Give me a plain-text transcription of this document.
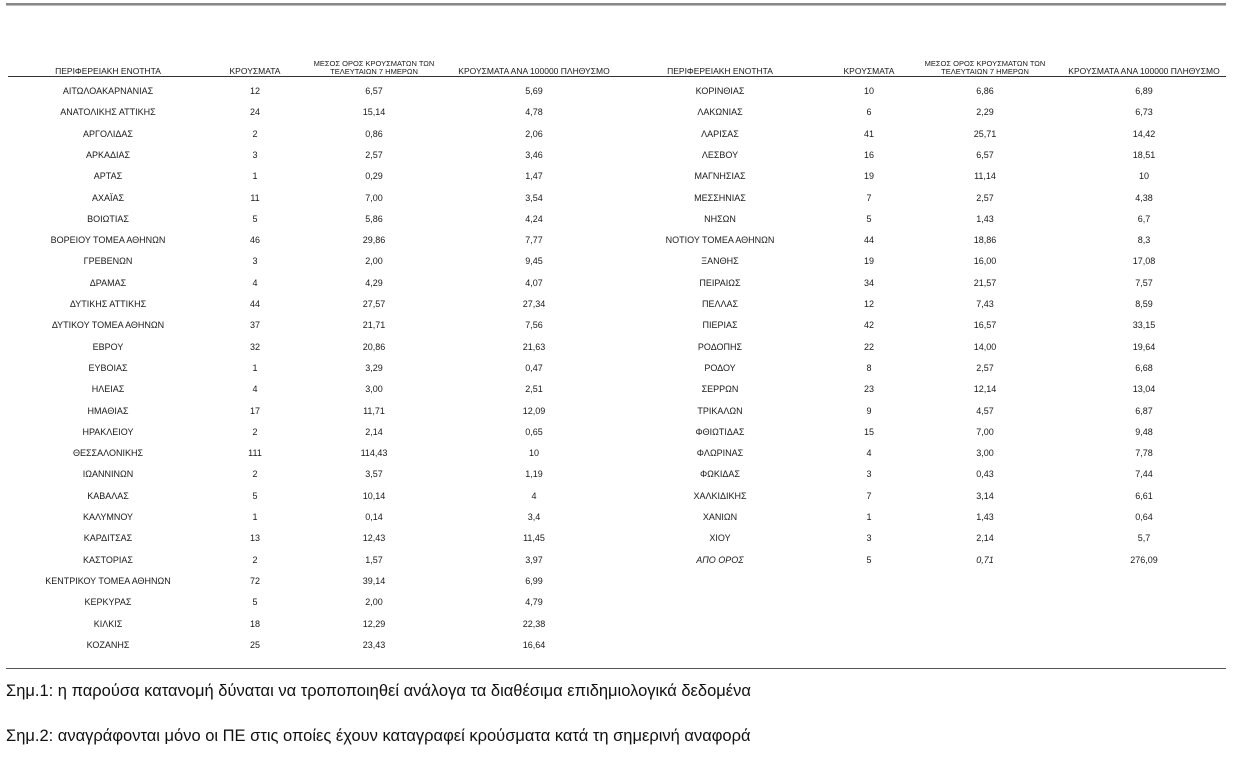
ΠΕΡΙΦΕΡΕΙΑΚΗ ΕΝΟΤΗΤΑ	ΚΡΟΥΣΜΑΤΑ
ΜΕΣΟΣ ΟΡΟΣ ΚΡΟΥΣΜΑΤΩΝ ΤΩΝ
ΤΕΛΕΥΤΑΙΩΝ 7 ΗΜΕΡΩΝ	ΚΡΟΥΣΜΑΤΑ ΑΝΑ 100000 ΠΛΗΘΥΣΜΟ	ΠΕΡΙΦΕΡΕΙΑΚΗ ΕΝΟΤΗΤΑ	ΚΡΟΥΣΜΑΤΑ
ΜΕΣΟΣ ΟΡΟΣ ΚΡΟΥΣΜΑΤΩΝ ΤΩΝ
ΤΕΛΕΥΤΑΙΩΝ 7 ΗΜΕΡΩΝ	ΚΡΟΥΣΜΑΤΑ ΑΝΑ 100000 ΠΛΗΘΥΣΜΟ
ΑΙΤΩΛΟΑΚΑΡΝΑΝΙΑΣ	12	6,57	5,69
ΑΝΑΤΟΛΙΚΗΣ ΑΤΤΙΚΗΣ	24	15,14	4,78
ΑΡΓΟΛΙΔΑΣ	2	0,86	2,06
ΑΡΚΑΔΙΑΣ	3	2,57	3,46
ΑΡΤΑΣ	1	0,29	1,47
ΑΧΑΪΑΣ	11	7,00	3,54
ΒΟΙΩΤΙΑΣ	5	5,86	4,24
ΒΟΡΕΙΟΥ ΤΟΜΕΑ ΑΘΗΝΩΝ	46	29,86	7,77
ΓΡΕΒΕΝΩΝ	3	2,00	9,45
ΔΡΑΜΑΣ	4	4,29	4,07
ΔΥΤΙΚΗΣ ΑΤΤΙΚΗΣ	44	27,57	27,34
ΔΥΤΙΚΟΥ ΤΟΜΕΑ ΑΘΗΝΩΝ	37	21,71	7,56
ΕΒΡΟΥ	32	20,86	21,63
ΕΥΒΟΙΑΣ	1	3,29	0,47
ΗΛΕΙΑΣ	4	3,00	2,51
ΗΜΑΘΙΑΣ	17	11,71	12,09
ΗΡΑΚΛΕΙΟΥ	2	2,14	0,65
ΘΕΣΣΑΛΟΝΙΚΗΣ	111	114,43	10
ΙΩΑΝΝΙΝΩΝ	2	3,57	1,19
ΚΑΒΑΛΑΣ	5	10,14	4
ΚΑΛΥΜΝΟΥ	1	0,14	3,4
ΚΑΡΔΙΤΣΑΣ	13	12,43	11,45
ΚΑΣΤΟΡΙΑΣ	2	1,57	3,97
ΚΕΝΤΡΙΚΟΥ ΤΟΜΕΑ ΑΘΗΝΩΝ	72	39,14	6,99
ΚΕΡΚΥΡΑΣ	5	2,00	4,79
ΚΙΛΚΙΣ	18	12,29	22,38
ΚΟΖΑΝΗΣ	25	23,43	16,64
ΚΟΡΙΝΘΙΑΣ	10	6,86	6,89
ΛΑΚΩΝΙΑΣ	6	2,29	6,73
ΛΑΡΙΣΑΣ	41	25,71	14,42
ΛΕΣΒΟΥ	16	6,57	18,51
ΜΑΓΝΗΣΙΑΣ	19	11,14	10
ΜΕΣΣΗΝΙΑΣ	7	2,57	4,38
ΝΗΣΩΝ	5	1,43	6,7
ΝΟΤΙΟΥ ΤΟΜΕΑ ΑΘΗΝΩΝ	44	18,86	8,3
ΞΑΝΘΗΣ	19	16,00	17,08
ΠΕΙΡΑΙΩΣ	34	21,57	7,57
ΠΕΛΛΑΣ	12	7,43	8,59
ΠΙΕΡΙΑΣ	42	16,57	33,15
ΡΟΔΟΠΗΣ	22	14,00	19,64
ΡΟΔΟΥ	8	2,57	6,68
ΣΕΡΡΩΝ	23	12,14	13,04
ΤΡΙΚΑΛΩΝ	9	4,57	6,87
ΦΘΙΩΤΙΔΑΣ	15	7,00	9,48
ΦΛΩΡΙΝΑΣ	4	3,00	7,78
ΦΩΚΙΔΑΣ	3	0,43	7,44
ΧΑΛΚΙΔΙΚΗΣ	7	3,14	6,61
ΧΑΝΙΩΝ	1	1,43	0,64
ΧΙΟΥ	3	2,14	5,7
ΑΠΟ ΟΡΟΣ	5	0,71	276,09
Σημ.1: η παρούσα κατανομή δύναται να τροποποιηθεί ανάλογα τα διαθέσιμα επιδημιολογικά δεδομένα
Σημ.2: αναγράφονται μόνο οι ΠΕ στις οποίες έχουν καταγραφεί κρούσματα κατά τη σημερινή αναφορά
